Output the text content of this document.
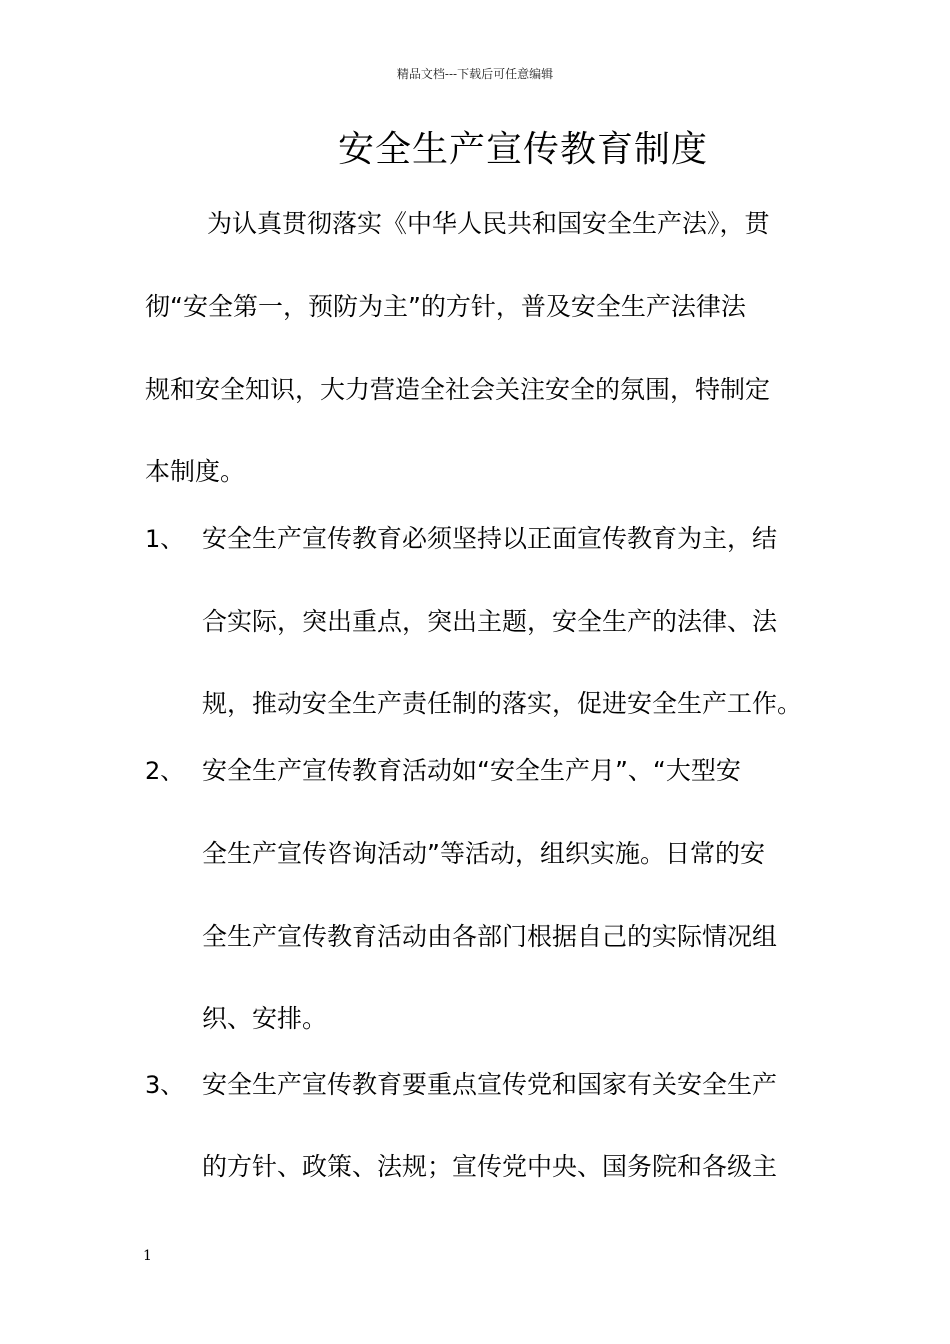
精品文档---下载后可任意编辑
安全生产宣传教育制度
为认真贯彻落实《中华人民共和国安全生产法》，贯
彻“安全第一，预防为主”的方针，普及安全生产法律法
规和安全知识，大力营造全社会关注安全的氛围，特制定
本制度。
1、 安全生产宣传教育必须坚持以正面宣传教育为主，结
合实际，突出重点，突出主题，安全生产的法律、法
规，推动安全生产责任制的落实，促进安全生产工作。
2、 安全生产宣传教育活动如“安全生产月”、“大型安
全生产宣传咨询活动”等活动，组织实施。日常的安
全生产宣传教育活动由各部门根据自己的实际情况组
织、安排。
3、 安全生产宣传教育要重点宣传党和国家有关安全生产
的方针、政策、法规；宣传党中央、国务院和各级主
1
